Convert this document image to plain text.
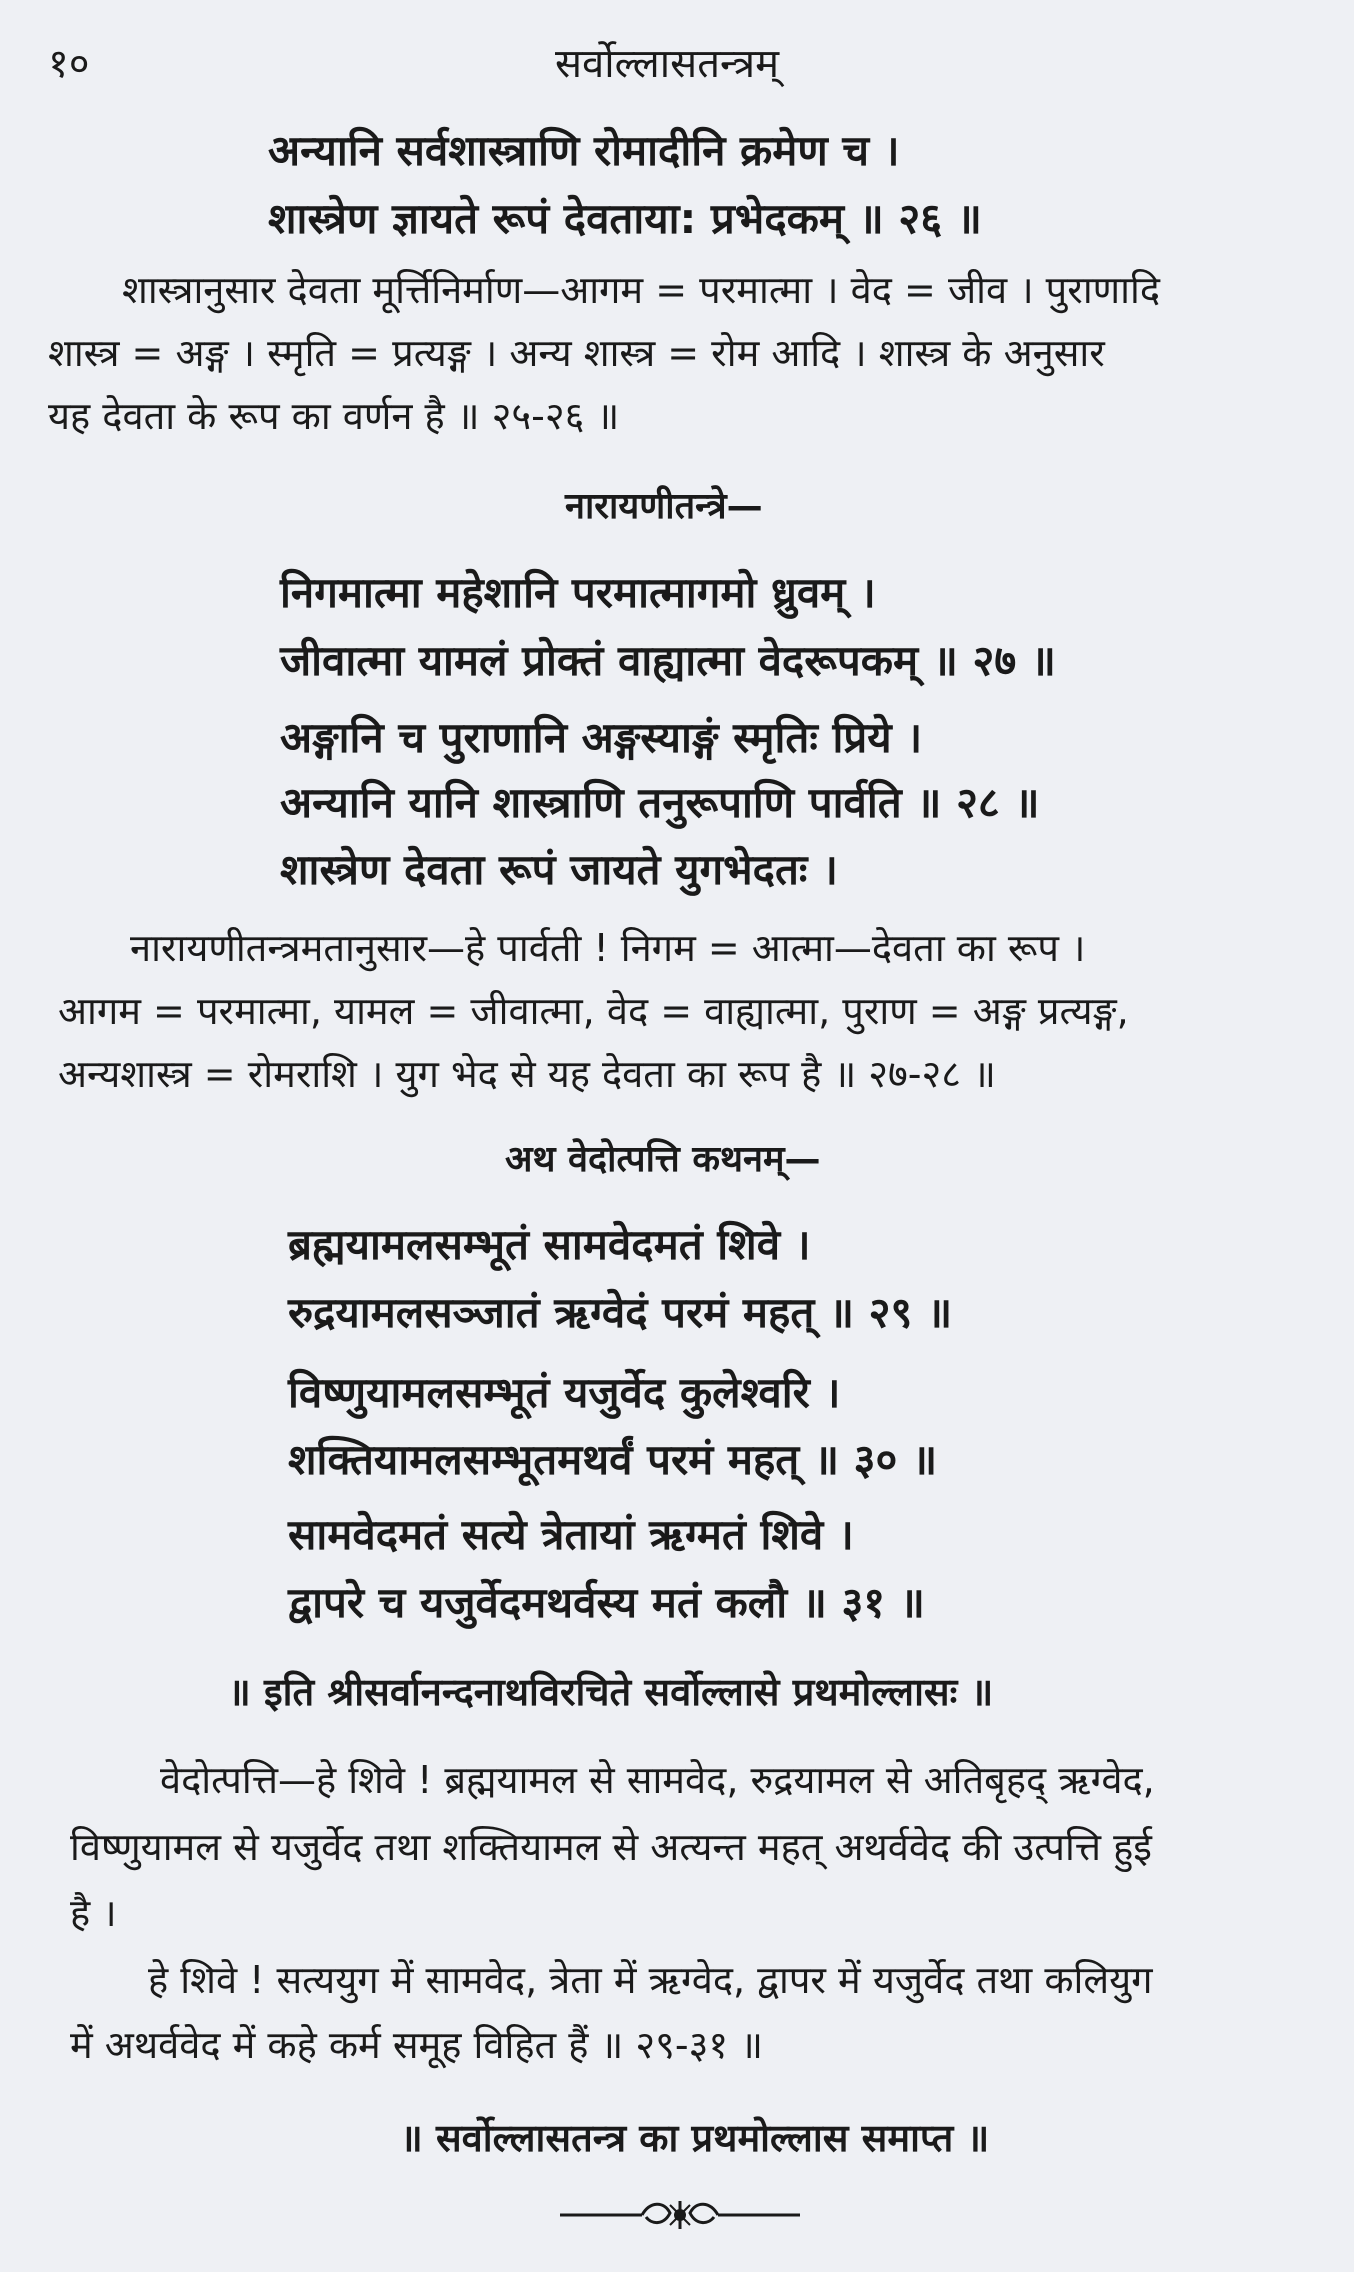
१०	सर्वोल्लासतन्त्रम्
अन्यानि सर्वशास्त्राणि रोमादीनि क्रमेण च ।
शास्त्रेण ज्ञायते रूपं देवताया: प्रभेदकम् ॥ २६ ॥
शास्त्रानुसार देवता मूर्त्तिनिर्माण—आगम = परमात्मा । वेद = जीव । पुराणादि
शास्त्र = अङ्ग । स्मृति = प्रत्यङ्ग । अन्य शास्त्र = रोम आदि । शास्त्र के अनुसार
यह देवता के रूप का वर्णन है ॥ २५-२६ ॥
नारायणीतन्त्रे—
निगमात्मा महेशानि परमात्मागमो ध्रुवम् ।
जीवात्मा यामलं प्रोक्तं वाह्यात्मा वेदरूपकम् ॥ २७ ॥
अङ्गानि च पुराणानि अङ्गस्याङ्गं स्मृतिः प्रिये ।
अन्यानि यानि शास्त्राणि तनुरूपाणि पार्वति ॥ २८ ॥
शास्त्रेण देवता रूपं जायते युगभेदतः ।
नारायणीतन्त्रमतानुसार—हे पार्वती ! निगम = आत्मा—देवता का रूप ।
आगम = परमात्मा, यामल = जीवात्मा, वेद = वाह्यात्मा, पुराण = अङ्ग प्रत्यङ्ग,
अन्यशास्त्र = रोमराशि । युग भेद से यह देवता का रूप है ॥ २७-२८ ॥
अथ वेदोत्पत्ति कथनम्—
ब्रह्मयामलसम्भूतं सामवेदमतं शिवे ।
रुद्रयामलसञ्जातं ऋग्वेदं परमं महत् ॥ २९ ॥
विष्णुयामलसम्भूतं यजुर्वेद कुलेश्वरि ।
शक्तियामलसम्भूतमथर्वं परमं महत् ॥ ३० ॥
सामवेदमतं सत्ये त्रेतायां ऋग्मतं शिवे ।
द्वापरे च यजुर्वेदमथर्वस्य मतं कलौ ॥ ३१ ॥
॥ इति श्रीसर्वानन्दनाथविरचिते सर्वोल्लासे प्रथमोल्लासः ॥
वेदोत्पत्ति—हे शिवे ! ब्रह्मयामल से सामवेद, रुद्रयामल से अतिबृहद् ऋग्वेद,
विष्णुयामल से यजुर्वेद तथा शक्तियामल से अत्यन्त महत् अथर्ववेद की उत्पत्ति हुई
है ।
हे शिवे ! सत्ययुग में सामवेद, त्रेता में ऋग्वेद, द्वापर में यजुर्वेद तथा कलियुग
में अथर्ववेद में कहे कर्म समूह विहित हैं ॥ २९-३१ ॥
॥ सर्वोल्लासतन्त्र का प्रथमोल्लास समाप्त ॥
